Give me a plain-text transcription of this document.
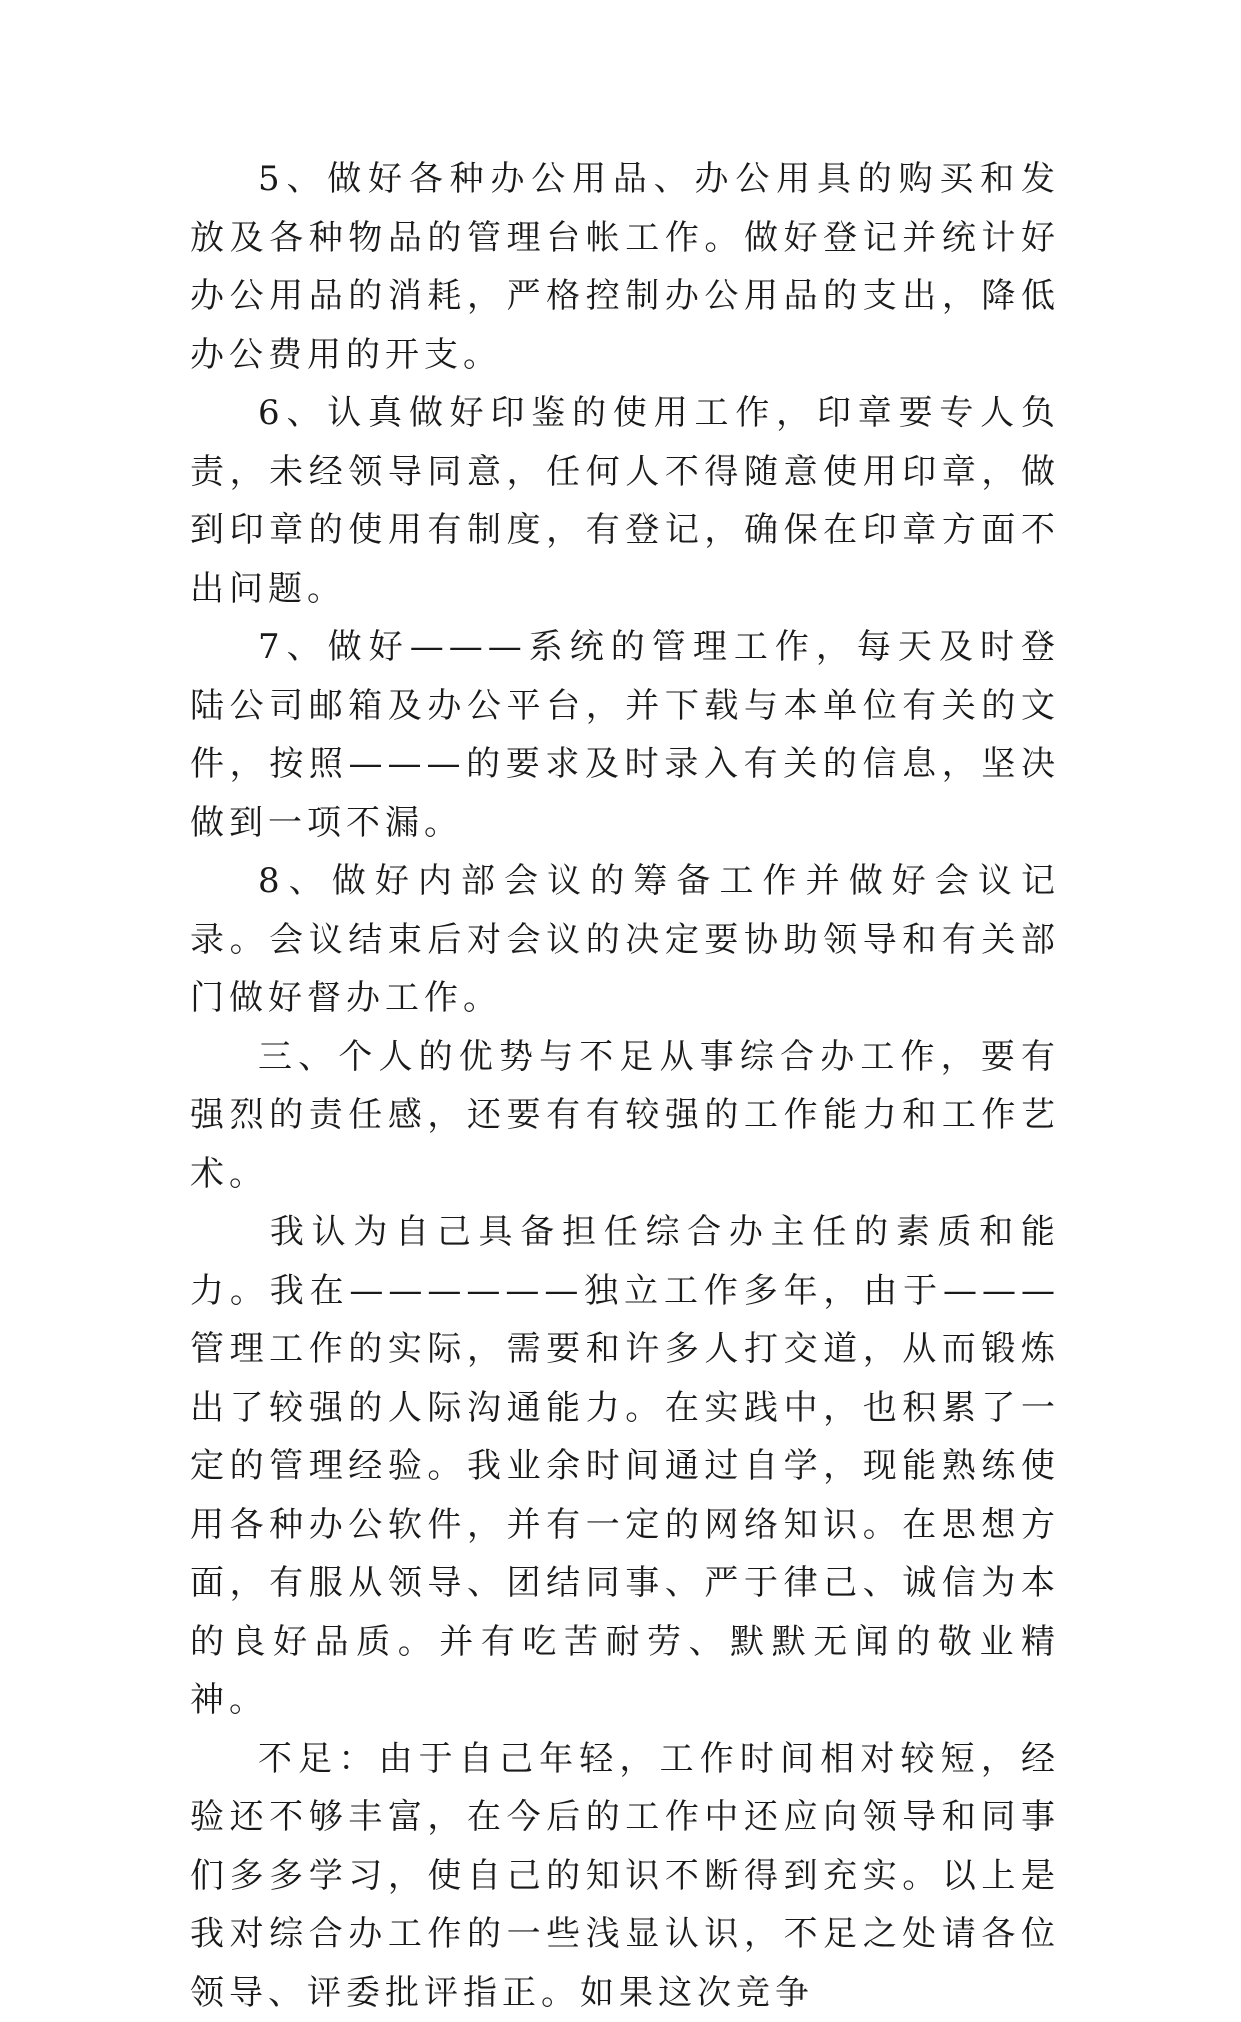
5、做好各种办公用品、办公用具的购买和发放及各种物品的管理台帐工作。做好登记并统计好办公用品的消耗，严格控制办公用品的支出，降低办公费用的开支。

6、认真做好印鉴的使用工作，印章要专人负责，未经领导同意，任何人不得随意使用印章，做到印章的使用有制度，有登记，确保在印章方面不出问题。

7、做好———系统的管理工作，每天及时登陆公司邮箱及办公平台，并下载与本单位有关的文件，按照———的要求及时录入有关的信息，坚决做到一项不漏。

8、做好内部会议的筹备工作并做好会议记录。会议结束后对会议的决定要协助领导和有关部门做好督办工作。

三、个人的优势与不足从事综合办工作，要有强烈的责任感，还要有有较强的工作能力和工作艺术。

我认为自己具备担任综合办主任的素质和能力。我在——————独立工作多年，由于———管理工作的实际，需要和许多人打交道，从而锻炼出了较强的人际沟通能力。在实践中，也积累了一定的管理经验。我业余时间通过自学，现能熟练使用各种办公软件，并有一定的网络知识。在思想方面，有服从领导、团结同事、严于律己、诚信为本的良好品质。并有吃苦耐劳、默默无闻的敬业精神。

不足：由于自己年轻，工作时间相对较短，经验还不够丰富，在今后的工作中还应向领导和同事们多多学习，使自己的知识不断得到充实。以上是我对综合办工作的一些浅显认识，不足之处请各位领导、评委批评指正。如果这次竞争
